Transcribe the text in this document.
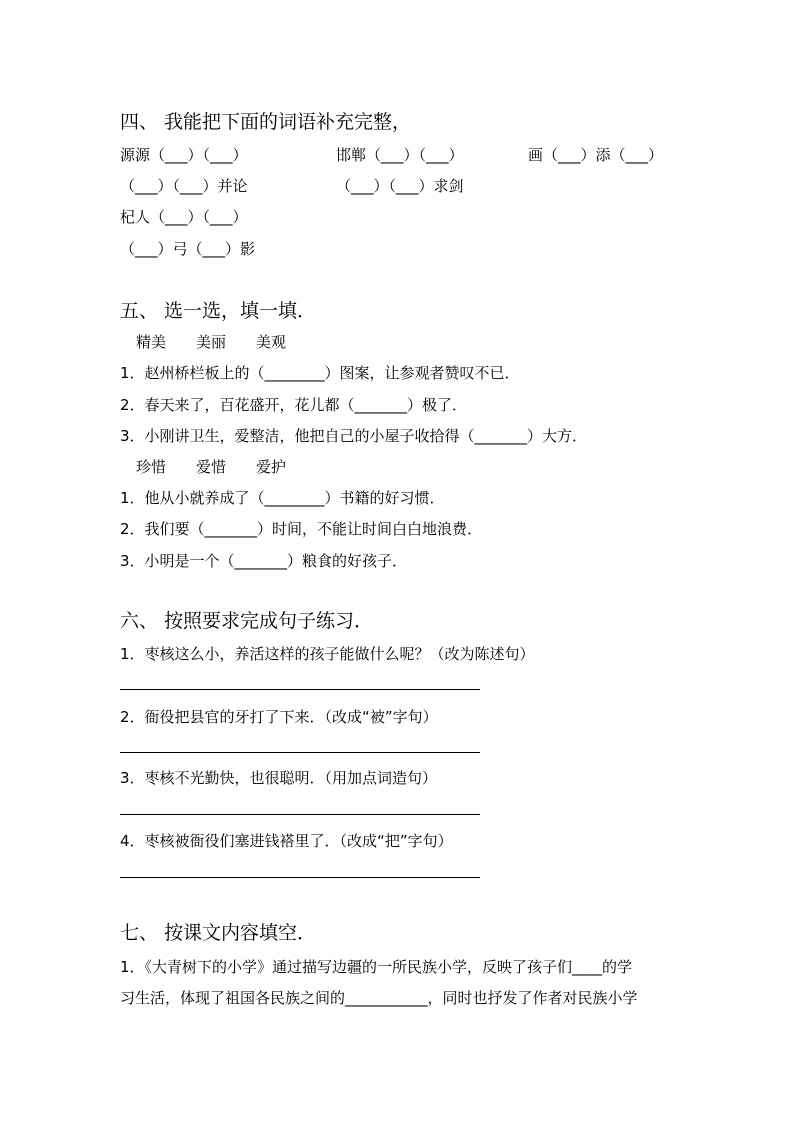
四、 我能把下面的词语补充完整，
源源（___）（___）	邯郸（___）（___）	画（___）添（___）
（___）（___）并论	（___）（___）求剑
杞人（___）（___）
（___）弓（___）影
五、 选一选，填一填．
精美　　美丽　　美观
1．赵州桥栏板上的（________）图案，让参观者赞叹不已．
2．春天来了，百花盛开，花儿都（_______）极了．
3．小刚讲卫生，爱整洁，他把自己的小屋子收拾得（_______）大方．
珍惜　　爱惜　　爱护
1．他从小就养成了（________）书籍的好习惯．
2．我们要（_______）时间，不能让时间白白地浪费．
3．小明是一个（_______）粮食的好孩子．
六、 按照要求完成句子练习．
1．枣核这么小，养活这样的孩子能做什么呢？（改为陈述句）
2．衙役把县官的牙打了下来．（改成“被”字句）
3．枣核不光勤快，也很聪明．（用加点词造句）
4．枣核被衙役们塞进钱褡里了．（改成“把”字句）
七、 按课文内容填空．
1．《大青树下的小学》通过描写边疆的一所民族小学，反映了孩子们____的学
习生活，体现了祖国各民族之间的___________，同时也抒发了作者对民族小学
